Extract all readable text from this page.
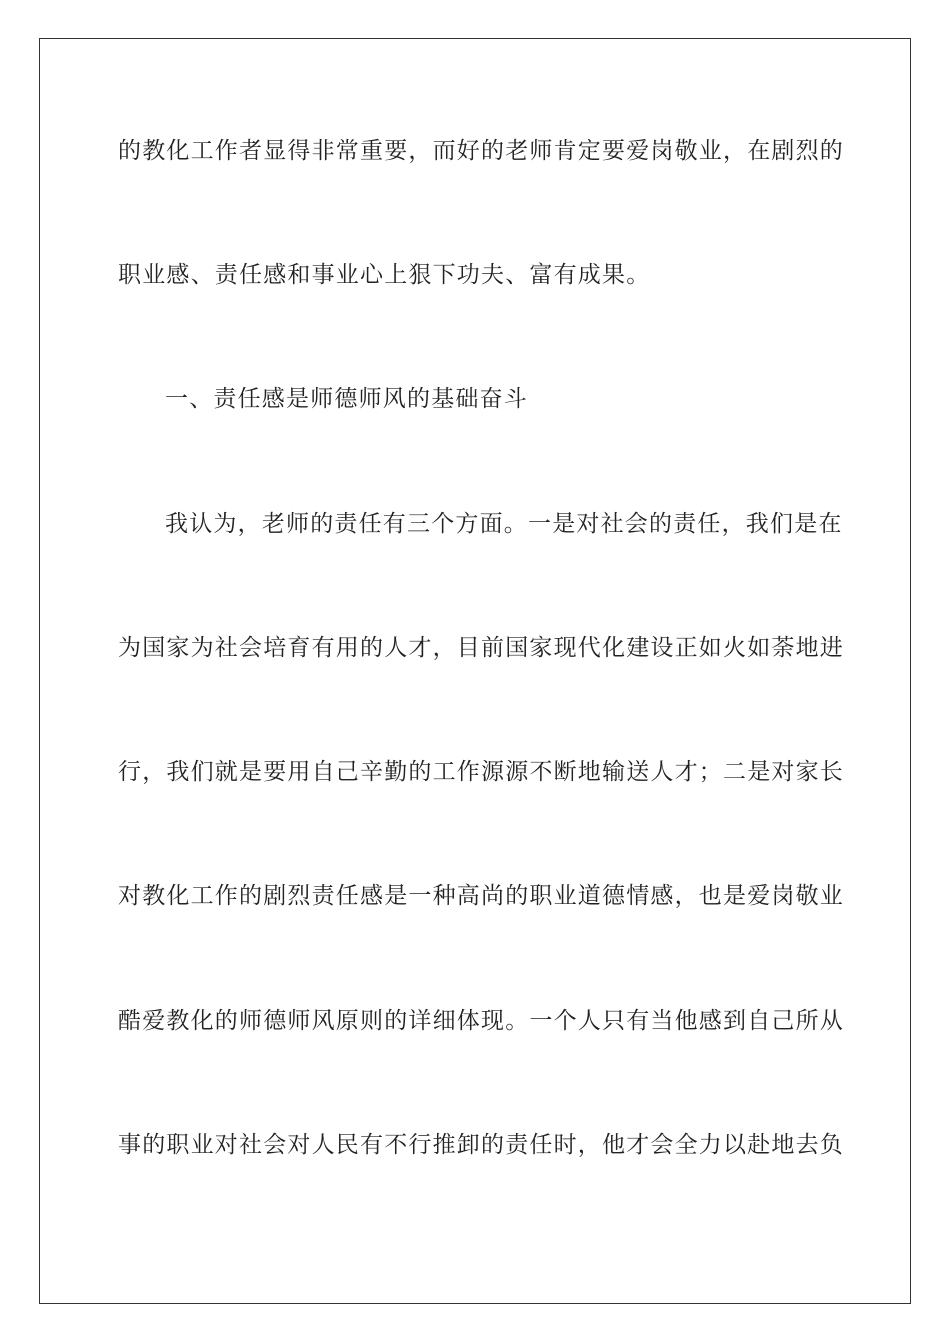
的教化工作者显得非常重要，而好的老师肯定要爱岗敬业，在剧烈的
职业感、责任感和事业心上狠下功夫、富有成果。
一、责任感是师德师风的基础奋斗
我认为，老师的责任有三个方面。一是对社会的责任，我们是在
为国家为社会培育有用的人才，目前国家现代化建设正如火如荼地进
行，我们就是要用自己辛勤的工作源源不断地输送人才；二是对家长
对教化工作的剧烈责任感是一种高尚的职业道德情感，也是爱岗敬业
酷爱教化的师德师风原则的详细体现。一个人只有当他感到自己所从
事的职业对社会对人民有不行推卸的责任时，他才会全力以赴地去负
